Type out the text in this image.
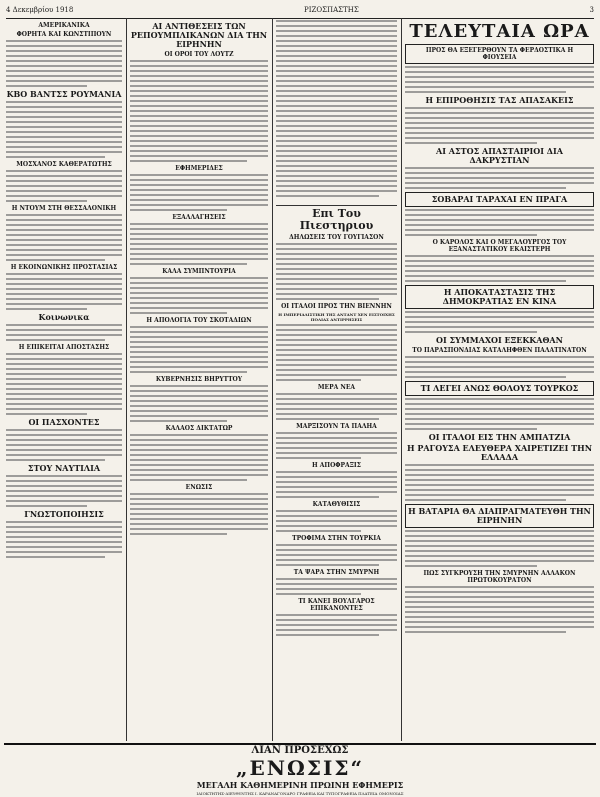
4 Δεκεμβρίου 1918	ΡΙΖΟΣΠΑΣΤΗΣ	3
ΑΜΕΡΙΚΑΝΙΚΑ
ΦΟΡΗΤΑ ΚΑΙ ΚΩΝΣΤΙΠΟΥΝ
ΚΒΟ ΒΑΝΤΣΣ ΡΟΥΜΑΝΙΑ
ΜΟΣΧΑΝΟΣ ΚΑΘΕΡΑΤΩΤΗΣ
Η ΝΤΟΥΜ ΣΤΗ ΘΕΣΣΑΛΟΝΙΚΗ
Η ΕΚΟΙΝΩΝΙΚΗΣ ΠΡΟΣΤΑΣΙΑΣ
Κοινωνικα
Η ΕΠΙΚΕΙΤΑΙ ΑΠΟΣΤΑΣΗΣ
ΟΙ ΠΑΣΧΟΝΤΕΣ
ΣΤΟΥ ΝΑΥΤΙΛΙΑ
ΓΝΩΣΤΟΠΟΙΗΣΙΣ
ΑΙ ΑΝΤΙΘΕΣΕΙΣ ΤΩΝ ΡΕΠΟΥΜΠΛΙΚΑΝΩΝ ΔΙΑ ΤΗΝ ΕΙΡΗΝΗΝ
ΟΙ ΟΡΟΙ ΤΟΥ ΛΟΥΤΖ
ΕΦΗΜΕΡΙΔΕΣ
ΕΞΑΛΛΑΓΗΣΕΙΣ
ΚΑΛΑ ΣΥΜΠΝΤΟΥΡΙΑ
Η ΑΠΟΛΟΓΙΑ ΤΟΥ ΣΚΟΤΑΔΙΩΝ
ΚΥΒΕΡΝΗΣΙΣ ΒΗΡΥΤΤΟΥ
ΚΑΛΑΟΣ ΔΙΚΤΑΤΩΡ
ΕΝΩΣΙΣ
Επι Του Πιεστηριου
ΔΗΛΩΣΕΙΣ ΤΟΥ ΓΟΥΓΙΑΣΟΝ
ΟΙ ΙΤΑΛΟΙ ΠΡΟΣ ΤΗΝ ΒΙΕΝΝΗΝ
Η ΙΜΠΕΡΙΑΛΙΣΤΙΚΗ ΤΗΣ ΑΝΤΑΝΤ ΧΕΝ ΕΙΣΤΟΙΧΗΣ ΠΟΛΙΑΣ ΑΝΤΙΡΡΗΣΕΙΣ
ΜΕΡΑ ΝΕΑ
ΜΑΡΞΙΣΟΥΝ ΤΑ ΠΑΛΗΑ
Η ΑΠΟΦΡΑΞΙΣ
ΚΑΤΑΘΥΘΙΣΙΣ
ΤΡΟΦΙΜΑ ΣΤΗΝ ΤΟΥΡΚΙΑ
ΤΑ ΨΑΡΑ ΣΤΗΝ ΣΜΥΡΝΗ
ΤΙ ΚΑΝΕΙ ΒΟΥΛΓΑΡΟΣ ΕΠΙΚΑΝΟΝΤΕΣ
ΤΕΛΕΥΤΑΙΑ ΩΡΑ
ΠΡΟΣ ΘΑ ΕΞΕΓΕΡΘΟΥΝ ΤΑ ΦΕΡΔΟΣΤΙΚΑ Η ΦΙΟΥΣΕΙΑ
Η ΕΠΙΡΟΘΗΣΙΣ ΤΑΣ ΑΠΑΣΑΚΕΙΣ
ΑΙ ΑΣΤΟΣ ΑΠΑΣΤΑΙΡΙΟΙ ΔΙΑ ΔΑΚΡΥΣΤΙΑΝ
ΣΟΒΑΡΑΙ ΤΑΡΑΧΑΙ ΕΝ ΠΡΑΓΑ
Ο ΚΑΡΟΛΟΣ ΚΑΙ Ο ΜΕΓΑΛΟΥΡΓΟΣ ΤΟΥ ΕΞΑΝΑΣΤΑΤΙΚΟΥ ΕΚΑΙΣΤΕΡΗ
Η ΑΠΟΚΑΤΑΣΤΑΣΙΣ ΤΗΣ ΔΗΜΟΚΡΑΤΙΑΣ ΕΝ ΚΙΝΑ
ΟΙ ΣΥΜΜΑΧΟΙ ΕΞΕΚΚΑΘΑΝ
ΤΟ ΠΑΡΑΣΠΟΝΔΙΑΣ ΚΑΤΑΛΗΦΘΕΝ ΠΑΛΑΤΙΝΑΤΟΝ
ΤΙ ΛΕΓΕΙ ΑΝΩΣ ΘΟΛΟΥΣ ΤΟΥΡΚΟΣ
ΟΙ ΙΤΑΛΟΙ ΕΙΣ ΤΗΝ ΑΜΠΑΤΖΙΑ
Η ΡΑΓΟΥΣΑ ΕΛΕΥΘΕΡΑ ΧΑΙΡΕΤΙΖΕΙ ΤΗΝ ΕΛΛΑΔΑ
Η ΒΑΤΑΡΙΑ ΘΑ ΔΙΑΠΡΑΓΜΑΤΕΥΘΗ ΤΗΝ ΕΙΡΗΝΗΝ
ΠΩΣ ΣΥΓΚΡΟΥΣΗ ΤΗΝ ΣΜΥΡΝΗΝ ΑΛΛΑΚΟΝ ΠΡΩΤΟΚΟΥΡΑΤΟΝ
ΛΙΑΝ ΠΡΟΣΕΧΩΣ
„ΕΝΩΣΙΣ“
ΜΕΓΑΛΗ ΚΑΘΗΜΕΡΙΝΗ ΠΡΩΙΝΗ ΕΦΗΜΕΡΙΣ
ΙΔΙΟΚΤΗΤΗΣ-ΔΙΕΥΘΥΝΤΗΣ Ι. ΚΑΡΑΝΑΓΟΝΑΡΟ ΓΡΑΦΕΙΑ ΚΑΙ ΤΥΠΟΓΡΑΦΕΙΑ ΠΛΑΤΕΙΑ ΟΜΟΝΟΙΑΣ
